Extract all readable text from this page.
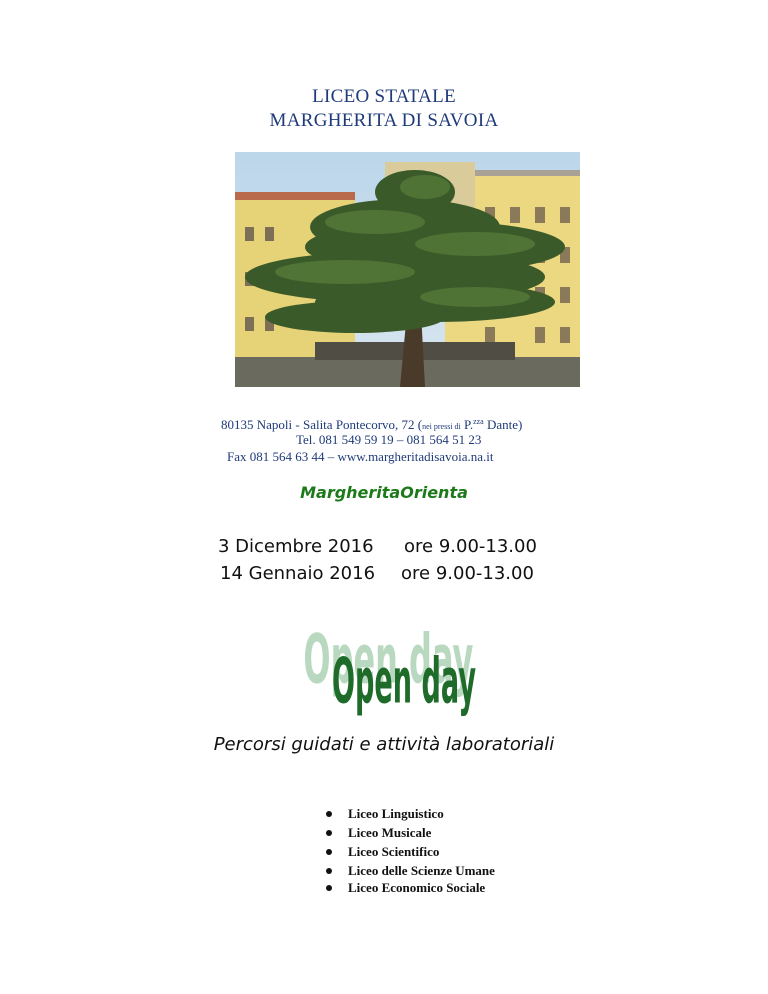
LICEO STATALE
MARGHERITA DI SAVOIA
80135 Napoli - Salita Pontecorvo, 72 (nei pressi di P.$^{zza}$ Dante)
Tel. 081 549 59 19 – 081 564 51 23
Fax 081 564 63 44 – www.margheritadisavoia.na.it
MargheritaOrienta
3 Dicembre 2016 ore 9.00-13.00
14 Gennaio 2016 ore 9.00-13.00
Open day
Open day
Percorsi guidati e attività laboratoriali
Liceo Linguistico
Liceo Musicale
Liceo Scientifico
Liceo delle Scienze Umane
Liceo Economico Sociale
